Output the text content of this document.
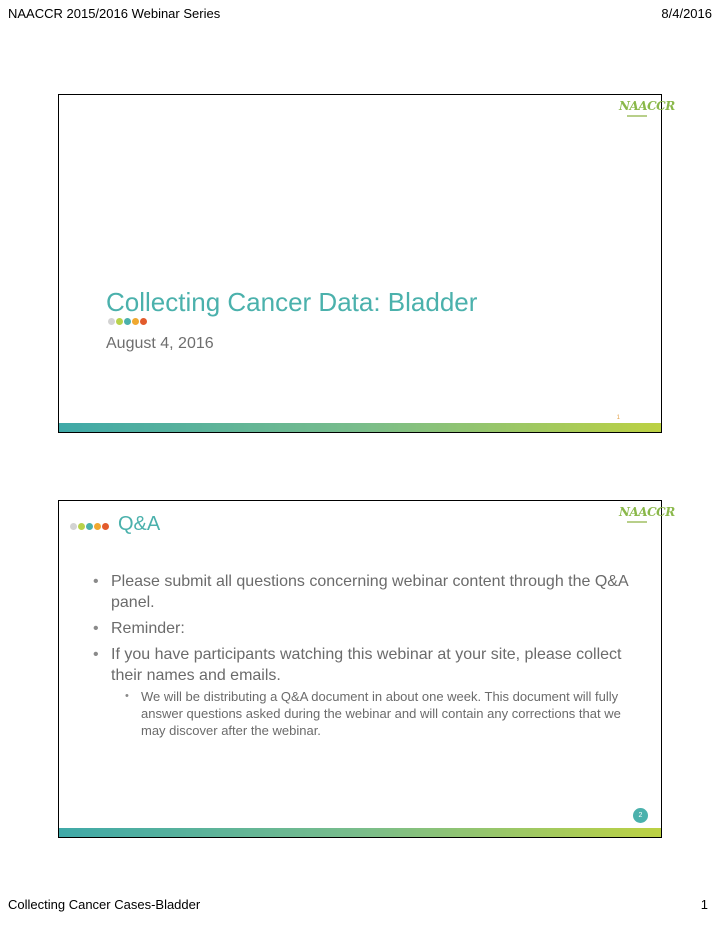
NAACCR 2015/2016 Webinar Series	8/4/2016
NAACCR
Collecting Cancer Data: Bladder
August 4, 2016
1
NAACCR
Q&A
• Please submit all questions concerning webinar content through the Q&A panel.
• Reminder:
• If you have participants watching this webinar at your site, please collect their names and emails.
• We will be distributing a Q&A document in about one week. This document will fully answer questions asked during the webinar and will contain any corrections that we may discover after the webinar.
2
Collecting Cancer Cases-Bladder	1
